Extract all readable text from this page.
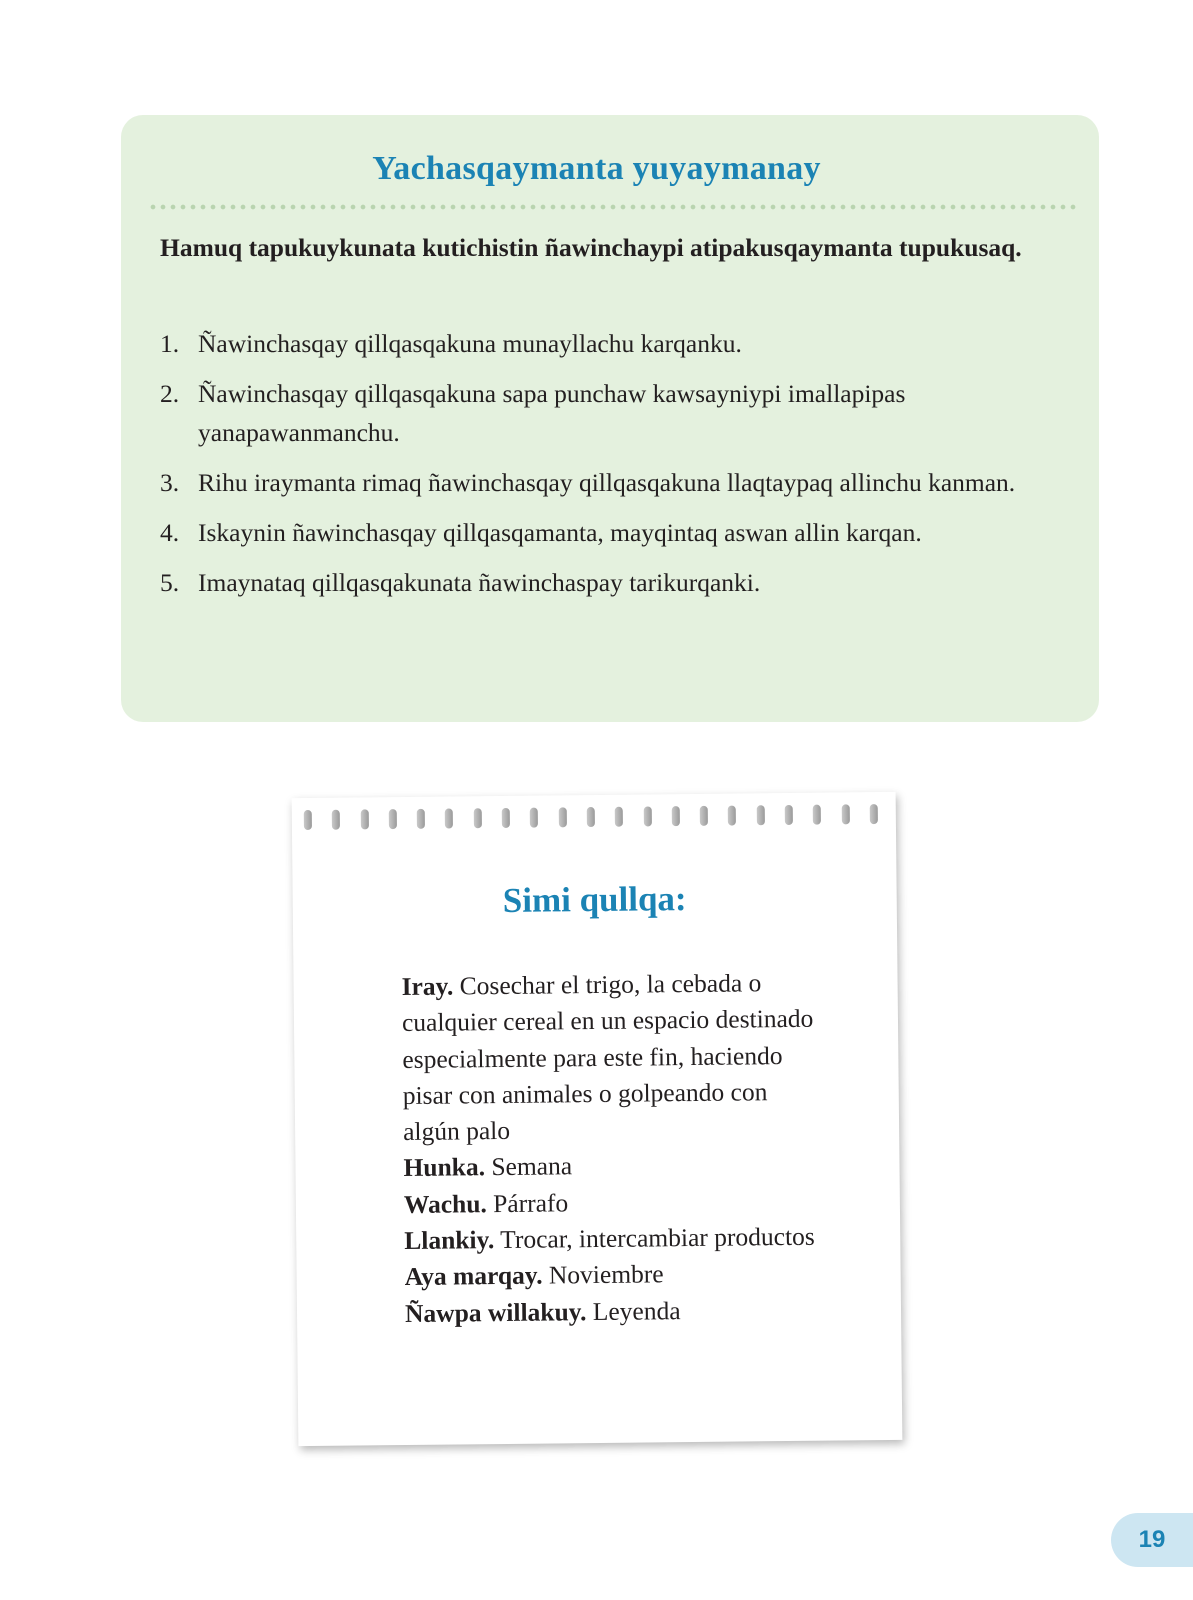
Yachasqaymanta yuyaymanay

Hamuq tapukuykunata kutichistin ñawinchaypi atipakusqaymanta tupukusaq.

1. Ñawinchasqay qillqasqakuna munayllachu karqanku.
2. Ñawinchasqay qillqasqakuna sapa punchaw kawsayniypi imallapipas yanapawanmanchu.
3. Rihu iraymanta rimaq ñawinchasqay qillqasqakuna llaqtaypaq allinchu kanman.
4. Iskaynin ñawinchasqay qillqasqamanta, mayqintaq aswan allin karqan.
5. Imaynataq qillqasqakunata ñawinchaspay tarikurqanki.
Simi qullqa:

Iray. Cosechar el trigo, la cebada o cualquier cereal en un espacio destinado especialmente para este fin, haciendo pisar con animales o golpeando con algún palo

Hunka. Semana

Wachu. Párrafo

Llankiy. Trocar, intercambiar productos

Aya marqay. Noviembre

Ñawpa willakuy. Leyenda

19
